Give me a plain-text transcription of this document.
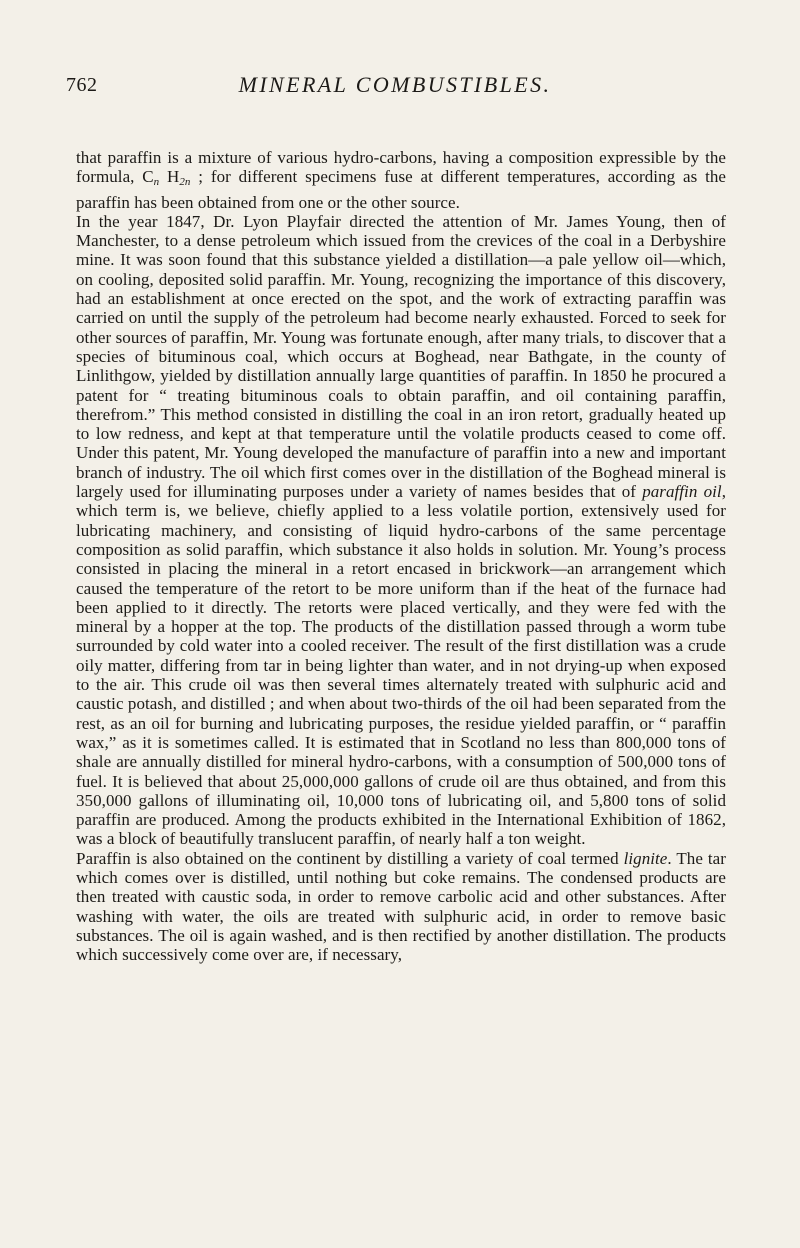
762	MINERAL COMBUSTIBLES.

that paraffin is a mixture of various hydro-carbons, having a composition expressible by the formula, $C_n$ $H_{2n}$ ; for different specimens fuse at different temperatures, according as the paraffin has been obtained from one or the other source.

In the year 1847, Dr. Lyon Playfair directed the attention of Mr. James Young, then of Manchester, to a dense petroleum which issued from the crevices of the coal in a Derbyshire mine. It was soon found that this substance yielded a distillation—a pale yellow oil—which, on cooling, deposited solid paraffin. Mr. Young, recognizing the importance of this discovery, had an establishment at once erected on the spot, and the work of extracting paraffin was carried on until the supply of the petroleum had become nearly exhausted. Forced to seek for other sources of paraffin, Mr. Young was fortunate enough, after many trials, to discover that a species of bituminous coal, which occurs at Boghead, near Bathgate, in the county of Linlithgow, yielded by distillation annually large quantities of paraffin. In 1850 he procured a patent for “ treating bituminous coals to obtain paraffin, and oil containing paraffin, therefrom.” This method consisted in distilling the coal in an iron retort, gradually heated up to low redness, and kept at that temperature until the volatile products ceased to come off. Under this patent, Mr. Young developed the manufacture of paraffin into a new and important branch of industry. The oil which first comes over in the distillation of the Boghead mineral is largely used for illuminating purposes under a variety of names besides that of paraffin oil, which term is, we believe, chiefly applied to a less volatile portion, extensively used for lubricating machinery, and consisting of liquid hydro-carbons of the same percentage composition as solid paraffin, which substance it also holds in solution. Mr. Young’s process consisted in placing the mineral in a retort encased in brickwork—an arrangement which caused the temperature of the retort to be more uniform than if the heat of the furnace had been applied to it directly. The retorts were placed vertically, and they were fed with the mineral by a hopper at the top. The products of the distillation passed through a worm tube surrounded by cold water into a cooled receiver. The result of the first distillation was a crude oily matter, differing from tar in being lighter than water, and in not drying-up when exposed to the air. This crude oil was then several times alternately treated with sulphuric acid and caustic potash, and distilled ; and when about two-thirds of the oil had been separated from the rest, as an oil for burning and lubricating purposes, the residue yielded paraffin, or “ paraffin wax,” as it is sometimes called. It is estimated that in Scotland no less than 800,000 tons of shale are annually distilled for mineral hydro-carbons, with a consumption of 500,000 tons of fuel. It is believed that about 25,000,000 gallons of crude oil are thus obtained, and from this 350,000 gallons of illuminating oil, 10,000 tons of lubricating oil, and 5,800 tons of solid paraffin are produced. Among the products exhibited in the International Exhibition of 1862, was a block of beautifully translucent paraffin, of nearly half a ton weight.

Paraffin is also obtained on the continent by distilling a variety of coal termed lignite. The tar which comes over is distilled, until nothing but coke remains. The condensed products are then treated with caustic soda, in order to remove carbolic acid and other substances. After washing with water, the oils are treated with sulphuric acid, in order to remove basic substances. The oil is again washed, and is then rectified by another distillation. The products which successively come over are, if necessary,
